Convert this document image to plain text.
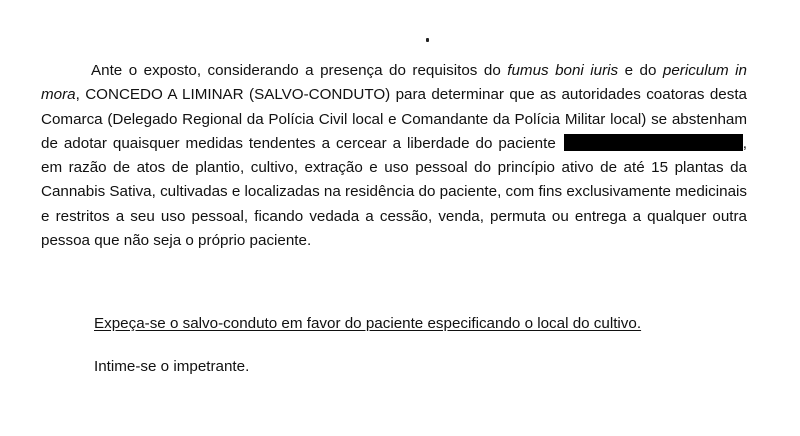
Ante o exposto, considerando a presença do requisitos do fumus boni iuris e do periculum in mora, CONCEDO A LIMINAR (SALVO-CONDUTO) para determinar que as autoridades coatoras desta Comarca (Delegado Regional da Polícia Civil local e Comandante da Polícia Militar local) se abstenham de adotar quaisquer medidas tendentes a cercear a liberdade do paciente	, em razão de atos de plantio, cultivo, extração e uso pessoal do princípio ativo de até 15 plantas da Cannabis Sativa, cultivadas e localizadas na residência do paciente, com fins exclusivamente medicinais e restritos a seu uso pessoal, ficando vedada a cessão, venda, permuta ou entrega a qualquer outra pessoa que não seja o próprio paciente.

Expeça-se o salvo-conduto em favor do paciente especificando o local do cultivo.
Intime-se o impetrante.
